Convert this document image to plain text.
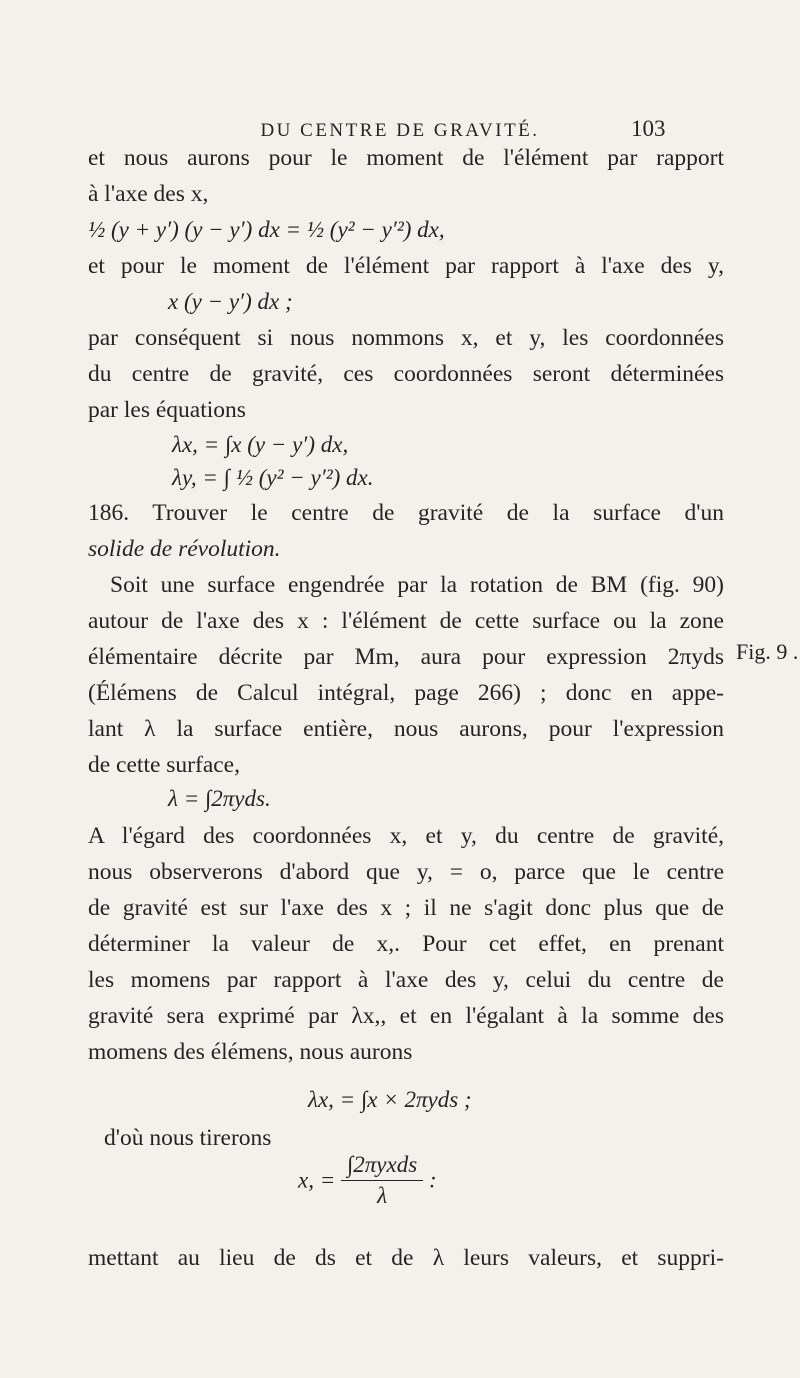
DU CENTRE DE GRAVITÉ.	103
Fig. 9 .
et nous aurons pour le moment de l'élément par rapport
à l'axe des x,
½ (y + y′) (y − y′) dx = ½ (y² − y′²) dx,
et pour le moment de l'élément par rapport à l'axe des y,
x (y − y′) dx ;
par conséquent si nous nommons x, et y, les coordonnées
du centre de gravité, ces coordonnées seront déterminées
par les équations
λx, = ∫x (y − y′) dx,
λy, = ∫ ½ (y² − y′²) dx.
186. Trouver le centre de gravité de la surface d'un
solide de révolution.
Soit une surface engendrée par la rotation de BM (fig. 90)
autour de l'axe des x : l'élément de cette surface ou la zone
élémentaire décrite par Mm, aura pour expression 2πyds
(Élémens de Calcul intégral, page 266) ; donc en appe-
lant λ la surface entière, nous aurons, pour l'expression
de cette surface,
λ = ∫2πyds.
A l'égard des coordonnées x, et y, du centre de gravité,
nous observerons d'abord que y, = o, parce que le centre
de gravité est sur l'axe des x ; il ne s'agit donc plus que de
déterminer la valeur de x,. Pour cet effet, en prenant
les momens par rapport à l'axe des y, celui du centre de
gravité sera exprimé par λx,, et en l'égalant à la somme des
momens des élémens, nous aurons
λx, = ∫x × 2πyds ;
d'où nous tirerons
x, = $\frac{\text{∫2πyxds}}{\lambda}$ :
mettant au lieu de ds et de λ leurs valeurs, et suppri-
